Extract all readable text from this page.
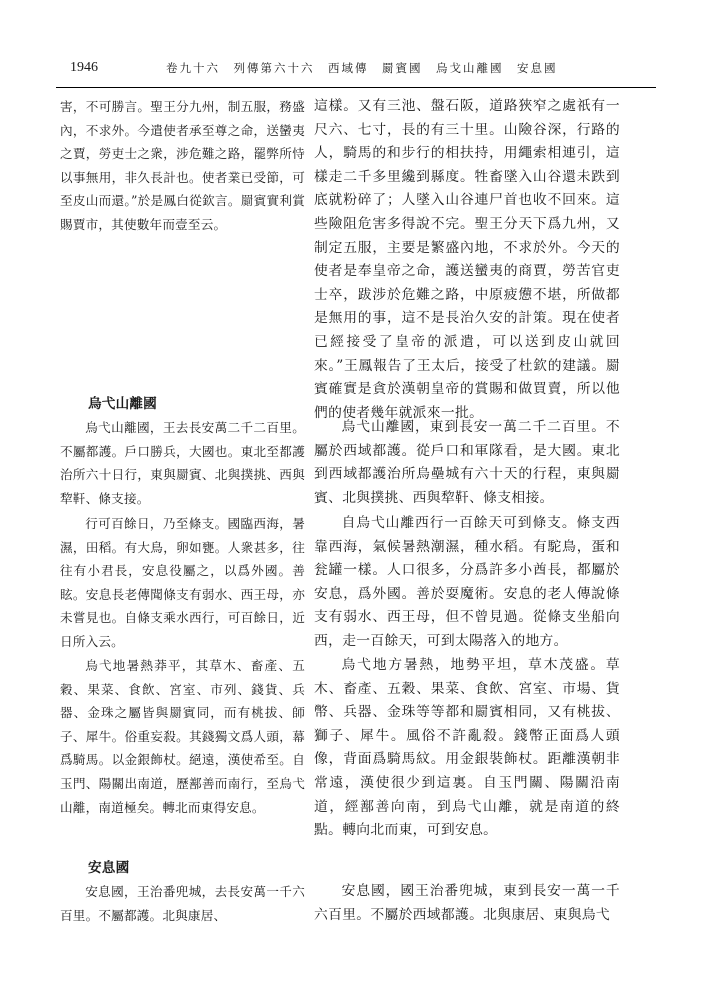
1946	卷九十六　列傳第六十六　西域傳　罽賓國　烏戈山離國　安息國

害，不可勝言。聖王分九州，制五服，務盛內，不求外。今遣使者承至尊之命，送蠻夷之賈，勞吏士之衆，涉危難之路，罷弊所恃以事無用，非久長計也。使者業已受節，可至皮山而還。”於是鳳白從欽言。罽賓實利賞賜賈市，其使數年而壹至云。

烏弋山離國

烏弋山離國，王去長安萬二千二百里。不屬都護。戶口勝兵，大國也。東北至都護治所六十日行，東與罽賓、北與撲挑、西與犂靬、條支接。

行可百餘日，乃至條支。國臨西海，暑濕，田稻。有大鳥，卵如甕。人衆甚多，往往有小君長，安息役屬之，以爲外國。善眩。安息長老傳聞條支有弱水、西王母，亦未嘗見也。自條支乘水西行，可百餘日，近日所入云。

烏弋地暑熱莽平，其草木、畜產、五穀、果菜、食飲、宮室、市列、錢貨、兵器、金珠之屬皆與罽賓同，而有桃拔、師子、犀牛。俗重妄殺。其錢獨文爲人頭，幕爲騎馬。以金銀飾杖。絕遠，漢使希至。自玉門、陽關出南道，歷鄯善而南行，至烏弋山離，南道極矣。轉北而東得安息。

安息國

安息國，王治番兜城，去長安萬一千六百里。不屬都護。北與康居、

這樣。又有三池、盤石阪，道路狹窄之處祇有一尺六、七寸，長的有三十里。山險谷深，行路的人，騎馬的和步行的相扶持，用繩索相連引，這樣走二千多里纔到縣度。牲畜墜入山谷還未跌到底就粉碎了；人墜入山谷連尸首也收不回來。這些險阻危害多得說不完。聖王分天下爲九州，又制定五服，主要是繁盛內地，不求於外。今天的使者是奉皇帝之命，護送蠻夷的商賈，勞苦官吏士卒，跋涉於危難之路，中原疲憊不堪，所做都是無用的事，這不是長治久安的計策。現在使者已經接受了皇帝的派遣，可以送到皮山就回來。”王鳳報告了王太后，接受了杜欽的建議。罽賓確實是貪於漢朝皇帝的賞賜和做買賣，所以他們的使者幾年就派來一批。

烏弋山離國，東到長安一萬二千二百里。不屬於西域都護。從戶口和軍隊看，是大國。東北到西域都護治所烏壘城有六十天的行程，東與罽賓、北與撲挑、西與犂靬、條支相接。

自烏弋山離西行一百餘天可到條支。條支西靠西海，氣候暑熱潮濕，種水稻。有駝鳥，蛋和瓮罐一樣。人口很多，分爲許多小酋長，都屬於安息，爲外國。善於耍魔術。安息的老人傳說條支有弱水、西王母，但不曾見過。從條支坐船向西，走一百餘天，可到太陽落入的地方。

烏弋地方暑熱，地勢平坦，草木茂盛。草木、畜產、五穀、果菜、食飲、宮室、市場、貨幣、兵器、金珠等等都和罽賓相同，又有桃拔、獅子、犀牛。風俗不許亂殺。錢幣正面爲人頭像，背面爲騎馬紋。用金銀裝飾杖。距離漢朝非常遠，漢使很少到這裏。自玉門關、陽關沿南道，經鄯善向南，到烏弋山離，就是南道的終點。轉向北而東，可到安息。

安息國，國王治番兜城，東到長安一萬一千六百里。不屬於西域都護。北與康居、東與烏弋
